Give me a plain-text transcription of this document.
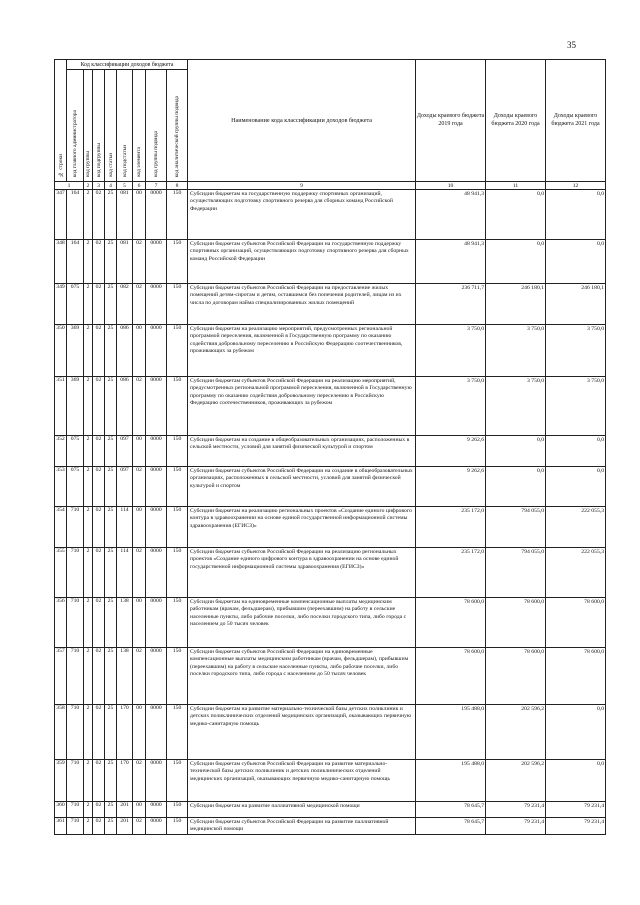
35
№ строки	Код классификации доходов бюджета								Наименование кода классификации доходов бюджета	Доходы краевого бюджета 2019 года	Доходы краевого бюджета 2020 года	Доходы краевого бюджета 2021 года

	код главного администратора	код группы	код подгруппы	код статьи	код подстатьи	код элемента	код группы подвида	код аналитической группы подвида				

1		2	3	4	5	6	7	8	9	10	11	12
347	164	2	02	25	081	00	0000	150	Субсидии бюджетам на государственную поддержку спортивных организаций, осуществляющих подготовку спортивного резерва для сборных команд Российской Федерации	48 941,3	0,0	0,0
348	164	2	02	25	081	02	0000	150	Субсидии бюджетам субъектов Российской Федерации на государственную поддержку спортивных организаций, осуществляющих подготовку спортивного резерва для сборных команд Российской Федерации	48 941,3	0,0	0,0
349	075	2	02	25	082	02	0000	150	Субсидии бюджетам субъектов Российской Федерации на предоставление жилых помещений детям-сиротам и детям, оставшимся без попечения родителей, лицам из их числа по договорам найма специализированных жилых помещений	236 711,7	246 180,1	246 180,1
350	369	2	02	25	086	00	0000	150	Субсидии бюджетам на реализацию мероприятий, предусмотренных региональной программой переселения, включенной в Государственную программу по оказанию содействия добровольному переселению в Российскую Федерацию соотечественников, проживающих за рубежом	3 750,0	3 750,0	3 750,0
351	369	2	02	25	086	02	0000	150	Субсидии бюджетам субъектов Российской Федерации на реализацию мероприятий, предусмотренных региональной программой переселения, включенной в Государственную программу по оказанию содействия добровольному переселению в Российскую Федерацию соотечественников, проживающих за рубежом	3 750,0	3 750,0	3 750,0
352	075	2	02	25	097	00	0000	150	Субсидии бюджетам на создание в общеобразовательных организациях, расположенных в сельской местности, условий для занятий физической культурой и спортом	9 262,6	0,0	0,0
353	075	2	02	25	097	02	0000	150	Субсидии бюджетам субъектов Российской Федерации на создание в общеобразовательных организациях, расположенных в сельской местности, условий для занятий физической культурой и спортом	9 262,6	0,0	0,0
354	710	2	02	25	114	00	0000	150	Субсидии бюджетам на реализацию региональных проектов «Создание единого цифрового контура в здравоохранении на основе единой государственной информационной системы здравоохранения (ЕГИСЗ)»	235 172,0	794 055,0	222 055,3
355	710	2	02	25	114	02	0000	150	Субсидии бюджетам субъектов Российской Федерации на реализацию региональных проектов «Создание единого цифрового контура в здравоохранении на основе единой государственной информационной системы здравоохранения (ЕГИСЗ)»	235 172,0	794 055,0	222 055,3
356	710	2	02	25	138	00	0000	150	Субсидии бюджетам на единовременные компенсационные выплаты медицинским работникам (врачам, фельдшерам), прибывшим (переехавшим) на работу в сельские населенные пункты, либо рабочие поселки, либо поселки городского типа, либо города с населением до 50 тысяч человек	78 600,0	78 600,0	78 600,0
357	710	2	02	25	138	02	0000	150	Субсидии бюджетам субъектов Российской Федерации на единовременные компенсационные выплаты медицинским работникам (врачам, фельдшерам), прибывшим (переехавшим) на работу в сельские населенные пункты, либо рабочие поселки, либо поселки городского типа, либо города с населением до 50 тысяч человек	78 600,0	78 600,0	78 600,0
358	710	2	02	25	170	00	0000	150	Субсидии бюджетам на развитие материально-технической базы детских поликлиник и детских поликлинических отделений медицинских организаций, оказывающих первичную медико-санитарную помощь	195 488,0	202 596,2	0,0
359	710	2	02	25	170	02	0000	150	Субсидии бюджетам субъектов Российской Федерации на развитие материально-технической базы детских поликлиник и детских поликлинических отделений медицинских организаций, оказывающих первичную медико-санитарную помощь	195 488,0	202 596,2	0,0
360	710	2	02	25	201	00	0000	150	Субсидии бюджетам на развитие паллиативной медицинской помощи	78 645,7	79 231,4	79 231,4
361	710	2	02	25	201	02	0000	150	Субсидии бюджетам субъектов Российской Федерации на развитие паллиативной медицинской помощи	78 645,7	79 231,4	79 231,4
